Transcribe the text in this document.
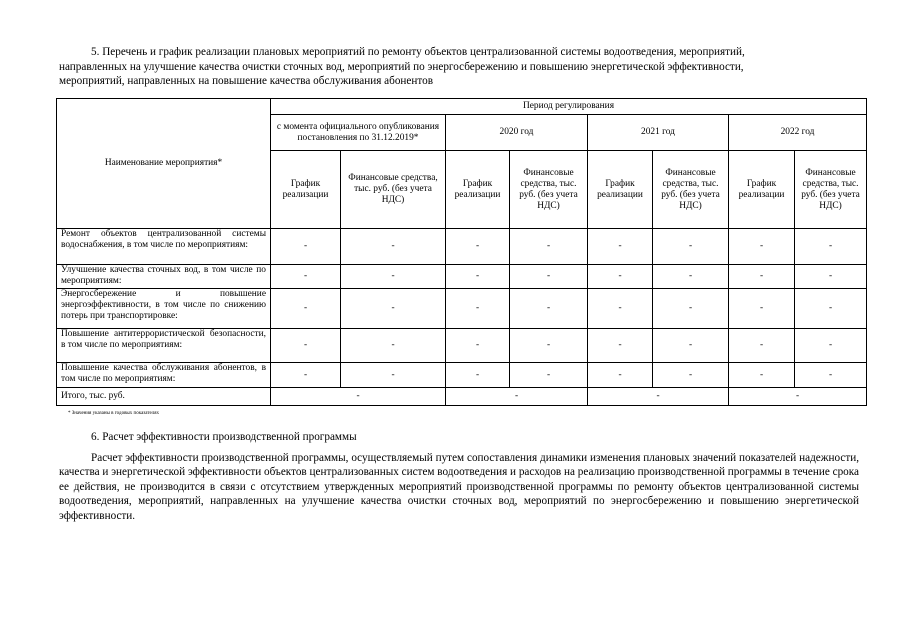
5. Перечень и график реализации плановых мероприятий по ремонту объектов централизованной системы водоотведения, мероприятий,
направленных на улучшение качества очистки сточных вод, мероприятий по энергосбережению и повышению энергетической эффективности,
мероприятий, направленных на повышение качества обслуживания абонентов
Наименование мероприятия*	Период регулирования							
	с момента официального опубликования постановления по 31.12.2019*		2020 год		2021 год		2022 год	
	График реализации	Финансовые средства, тыс. руб. (без учета НДС)	График реализации	Финансовые средства, тыс. руб. (без учета НДС)	График реализации	Финансовые средства, тыс. руб. (без учета НДС)	График реализации	Финансовые средства, тыс. руб. (без учета НДС)
Ремонт объектов централизованной системы водоснабжения, в том числе по мероприятиям:	-	-	-	-	-	-	-	-
Улучшение качества сточных вод, в том числе по мероприятиям:	-	-	-	-	-	-	-	-
Энергосбережение и повышение энергоэффективности, в том числе по снижению потерь при транспортировке:	-	-	-	-	-	-	-	-
Повышение антитеррористической безопасности, в том числе по мероприятиям:	-	-	-	-	-	-	-	-
Повышение качества обслуживания абонентов, в том числе по мероприятиям:	-	-	-	-	-	-	-	-
Итого, тыс. руб.	-		-		-		-	
* Значения указаны в годовых показателях
6. Расчет эффективности производственной программы
Расчет эффективности производственной программы, осуществляемый путем сопоставления динамики изменения плановых значений показателей надежности, качества и энергетической эффективности объектов централизованных систем водоотведения и расходов на реализацию производственной программы в течение срока ее действия, не производится в связи с отсутствием утвержденных мероприятий производственной программы по ремонту объектов централизованной системы водоотведения, мероприятий, направленных на улучшение качества очистки сточных вод, мероприятий по энергосбережению и повышению энергетической эффективности.
